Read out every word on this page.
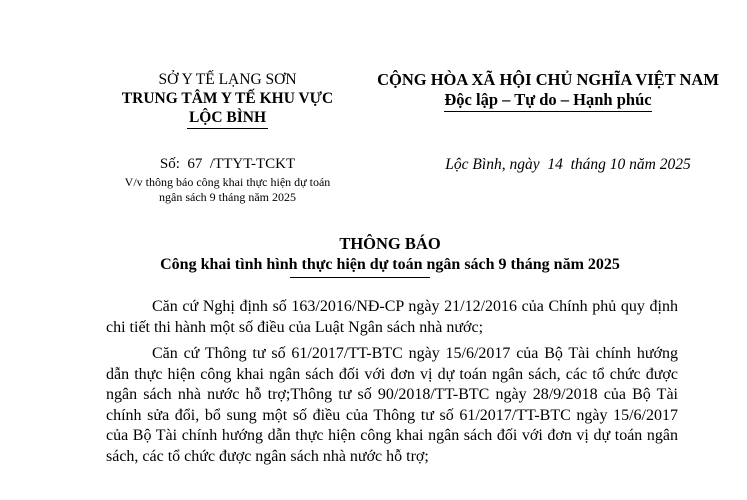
SỞ Y TẾ LẠNG SƠN
TRUNG TÂM Y TẾ KHU VỰC
LỘC BÌNH
CỘNG HÒA XÃ HỘI CHỦ NGHĨA VIỆT NAM
Độc lập – Tự do – Hạnh phúc
Số:  67  /TTYT-TCKT
V/v thông báo công khai thực hiện dự toán
ngân sách 9 tháng năm 2025
Lộc Bình, ngày  14  tháng 10 năm 2025
THÔNG BÁO
Công khai tình hình thực hiện dự toán ngân sách 9 tháng năm 2025

Căn cứ Nghị định số 163/2016/NĐ-CP ngày 21/12/2016 của Chính phủ quy định chi tiết thi hành một số điều của Luật Ngân sách nhà nước;

Căn cứ Thông tư số 61/2017/TT-BTC ngày 15/6/2017 của Bộ Tài chính hướng dẫn thực hiện công khai ngân sách đối với đơn vị dự toán ngân sách, các tổ chức được ngân sách nhà nước hỗ trợ;Thông tư số 90/2018/TT-BTC ngày 28/9/2018 của Bộ Tài chính sửa đổi, bổ sung một số điều của Thông tư số 61/2017/TT-BTC ngày 15/6/2017 của Bộ Tài chính hướng dẫn thực hiện công khai ngân sách đối với đơn vị dự toán ngân sách, các tổ chức được ngân sách nhà nước hỗ trợ;
